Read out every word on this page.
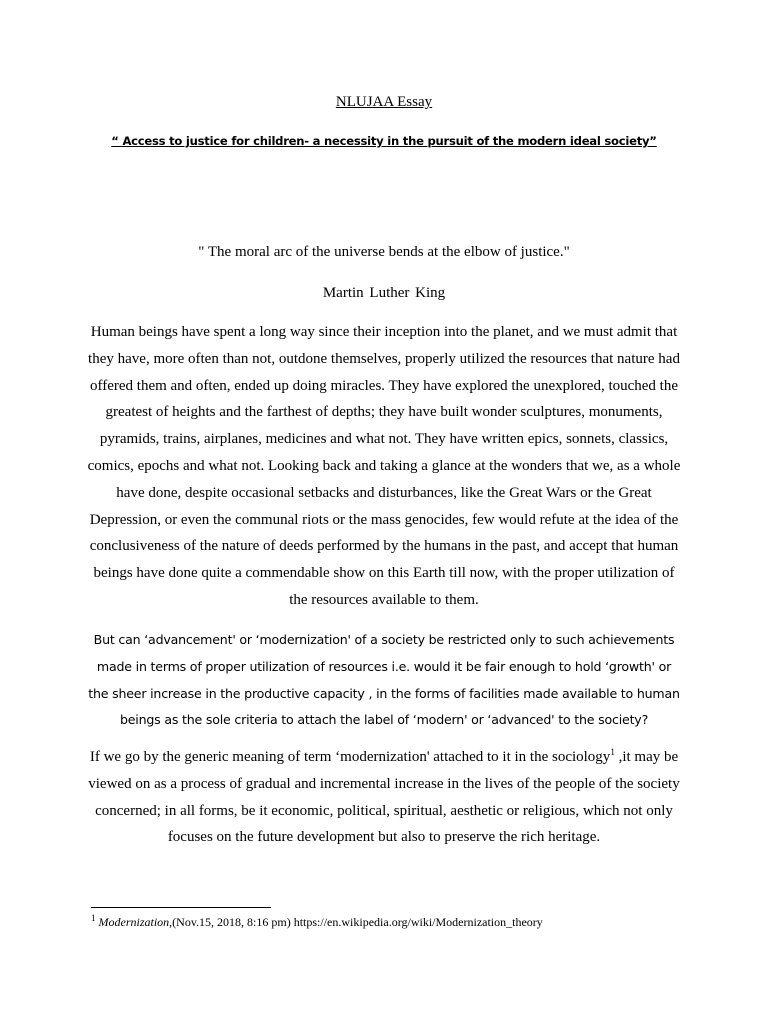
NLUJAA Essay
“ Access to justice for children- a necessity in the pursuit of the modern ideal society”
" The moral arc of the universe bends at the elbow of justice."
Martin Luther King

Human beings have spent a long way since their inception into the planet, and we must admit that they have, more often than not, outdone themselves, properly utilized the resources that nature had offered them and often, ended up doing miracles. They have explored the unexplored, touched the greatest of heights and the farthest of depths; they have built wonder sculptures, monuments, pyramids, trains, airplanes, medicines and what not. They have written epics, sonnets, classics, comics, epochs and what not. Looking back and taking a glance at the wonders that we, as a whole have done, despite occasional setbacks and disturbances, like the Great Wars or the Great Depression, or even the communal riots or the mass genocides, few would refute at the idea of the conclusiveness of the nature of deeds performed by the humans in the past, and accept that human beings have done quite a commendable show on this Earth till now, with the proper utilization of the resources available to them.

But can ‘advancement' or ‘modernization' of a society be restricted only to such achievements made in terms of proper utilization of resources i.e. would it be fair enough to hold ‘growth' or the sheer increase in the productive capacity , in the forms of facilities made available to human beings as the sole criteria to attach the label of ‘modern' or ‘advanced' to the society?

If we go by the generic meaning of term ‘modernization' attached to it in the sociology$^1$ ,it may be viewed on as a process of gradual and incremental increase in the lives of the people of the society concerned; in all forms, be it economic, political, spiritual, aesthetic or religious, which not only focuses on the future development but also to preserve the rich heritage.

$^1$ Modernization,(Nov.15, 2018, 8:16 pm) https://en.wikipedia.org/wiki/Modernization_theory
